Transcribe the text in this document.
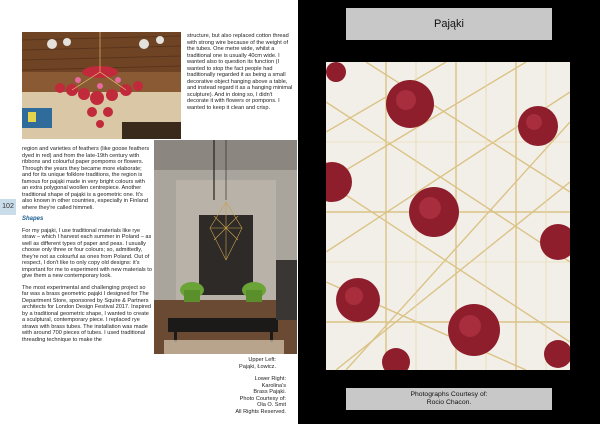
structure, but also replaced cotton thread with strong wire because of the weight of the tubes. One metre wide, whilst a traditional one is usually 40cm wide. I wanted also to question its function (I wanted to stop the fact people had traditionally regarded it as being a small decorative object hanging above a table, and instead regard it as a hanging minimal sculpture). And in doing so, I didn't decorate it with flowers or pompons. I wanted to keep it clean and crisp.

region and varieties of feathers (like goose feathers dyed in red) and from the late-19th century with ribbons and colourful paper pompoms or flowers. Through the years they became more elaborate; and for its unique folklore traditions, the region is famous for pająki made in very bright colours with an extra polygonal woollen centrepiece. Another traditional shape of pająki is a geometric one. It's also known in other countries, especially in Finland where they're called himmeli.

Shapes

For my pająki, I use traditional materials like rye straw – which I harvest each summer in Poland – as well as different types of paper and peas. I usually choose only three or four colours; so, admittedly, they're not as colourful as ones from Poland. Out of respect, I don't like to only copy old designs: it's important for me to experiment with new materials to give them a new contemporary look.

The most experimental and challenging project so far was a brass geometric pająki I designed for The Department Store, sponsored by Squire & Partners architects for London Design Festival 2017. Inspired by a traditional geometric shape, I wanted to create a sculptural, contemporary piece. I replaced rye straws with brass tubes. The installation was made with around 700 pieces of tubes. I used traditional threading technique to make the

102
Upper Left:
Pająki, Łowicz.
Lower Right:
Karolina's
Brass Pająki.
Photo Courtesy of:
Ola O. Smit
All Rights Reserved.
Pająki
Photographs Courtesy of:
Rocio Chacon.
